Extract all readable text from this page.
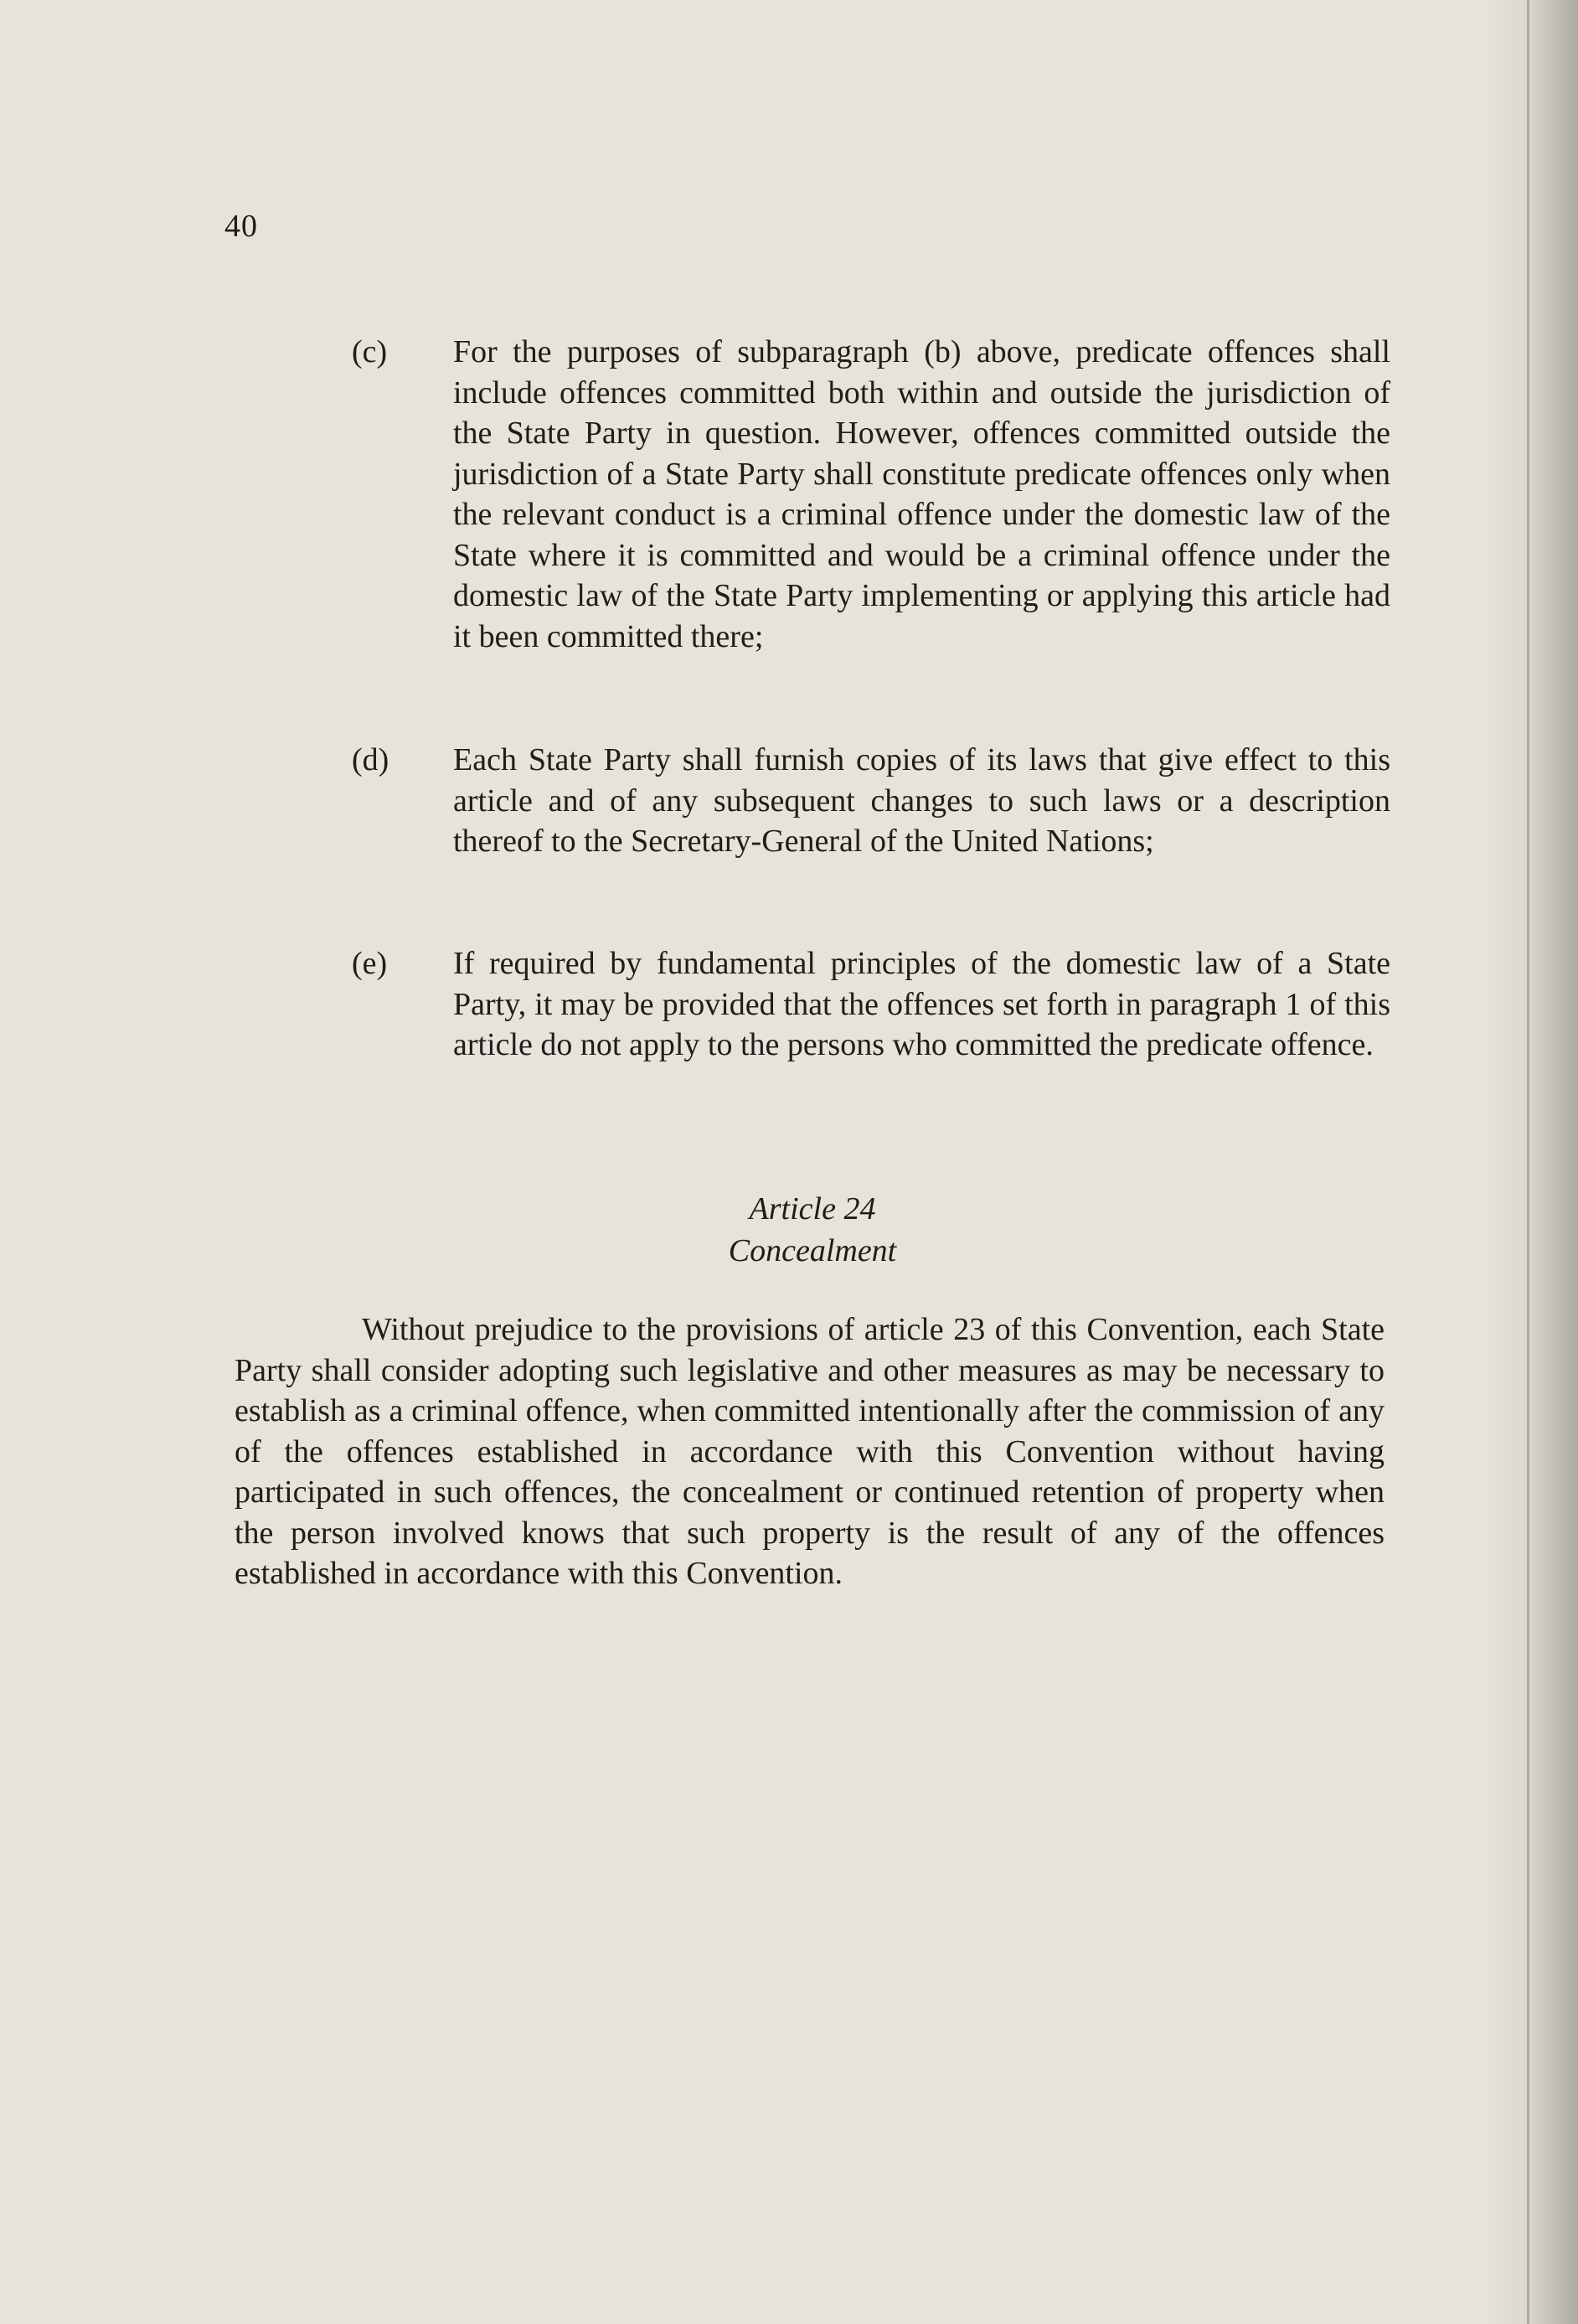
40
(c)	For the purposes of subparagraph (b) above, predicate offences shall include offences committed both within and outside the jurisdiction of the State Party in question. However, offences committed outside the jurisdiction of a State Party shall constitute predicate offences only when the relevant conduct is a criminal offence under the domestic law of the State where it is committed and would be a criminal offence under the domestic law of the State Party implementing or applying this article had it been committed there;
(d)	Each State Party shall furnish copies of its laws that give effect to this article and of any subsequent changes to such laws or a description thereof to the Secretary-General of the United Nations;
(e)	If required by fundamental principles of the domestic law of a State Party, it may be provided that the offences set forth in paragraph 1 of this article do not apply to the persons who committed the predicate offence.
Article 24
Concealment
Without prejudice to the provisions of article 23 of this Convention, each State Party shall consider adopting such legislative and other measures as may be necessary to establish as a criminal offence, when committed intentionally after the commission of any of the offences established in accordance with this Convention without having participated in such offences, the concealment or continued retention of property when the person involved knows that such property is the result of any of the offences established in accordance with this Convention.
